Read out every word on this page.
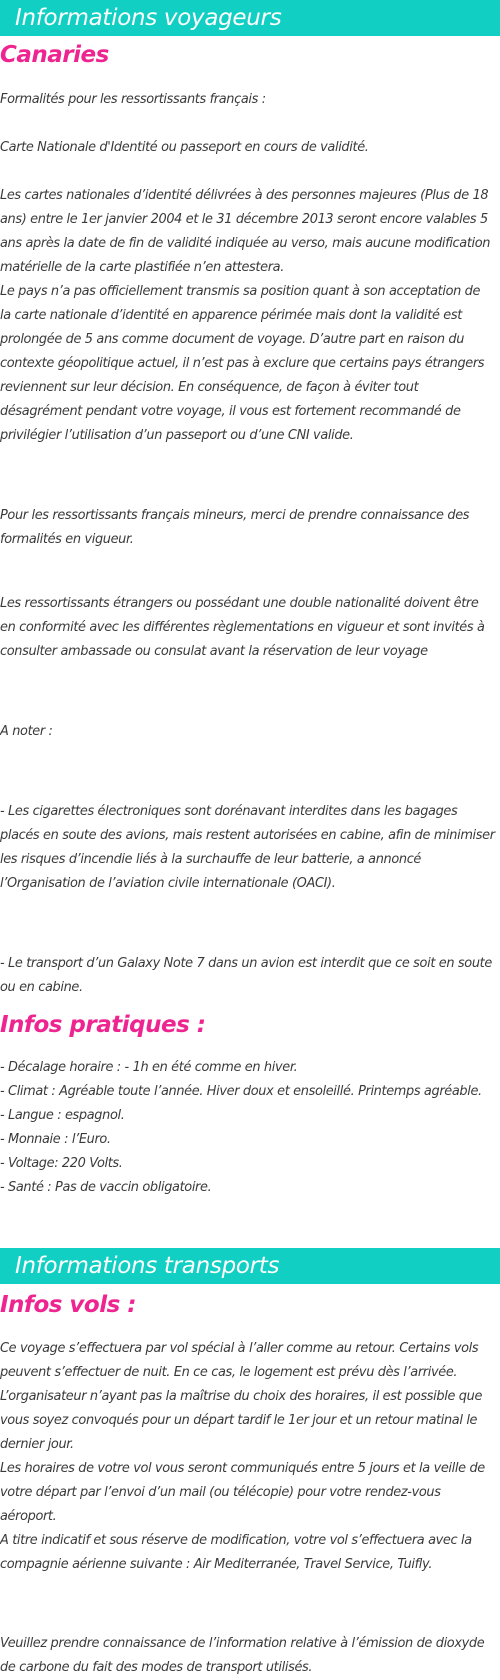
Informations voyageurs
Canaries
Formalités pour les ressortissants français :
Carte Nationale d'Identité ou passeport en cours de validité.
Les cartes nationales d’identité délivrées à des personnes majeures (Plus de 18
ans) entre le 1er janvier 2004 et le 31 décembre 2013 seront encore valables 5
ans après la date de fin de validité indiquée au verso, mais aucune modification
matérielle de la carte plastifiée n’en attestera.
Le pays n’a pas officiellement transmis sa position quant à son acceptation de
la carte nationale d’identité en apparence périmée mais dont la validité est
prolongée de 5 ans comme document de voyage. D’autre part en raison du
contexte géopolitique actuel, il n’est pas à exclure que certains pays étrangers
reviennent sur leur décision. En conséquence, de façon à éviter tout
désagrément pendant votre voyage, il vous est fortement recommandé de
privilégier l’utilisation d’un passeport ou d’une CNI valide.
Pour les ressortissants français mineurs, merci de prendre connaissance des
formalités en vigueur.
Les ressortissants étrangers ou possédant une double nationalité doivent être
en conformité avec les différentes règlementations en vigueur et sont invités à
consulter ambassade ou consulat avant la réservation de leur voyage
A noter :
- Les cigarettes électroniques sont dorénavant interdites dans les bagages
placés en soute des avions, mais restent autorisées en cabine, afin de minimiser
les risques d’incendie liés à la surchauffe de leur batterie, a annoncé
l’Organisation de l’aviation civile internationale (OACI).
- Le transport d’un Galaxy Note 7 dans un avion est interdit que ce soit en soute
ou en cabine.
Infos pratiques :
- Décalage horaire : - 1h en été comme en hiver.
- Climat : Agréable toute l’année. Hiver doux et ensoleillé. Printemps agréable.
- Langue : espagnol.
- Monnaie : l’Euro.
- Voltage: 220 Volts.
- Santé : Pas de vaccin obligatoire.
Informations transports
Infos vols :
Ce voyage s’effectuera par vol spécial à l’aller comme au retour. Certains vols
peuvent s’effectuer de nuit. En ce cas, le logement est prévu dès l’arrivée.
L’organisateur n’ayant pas la maîtrise du choix des horaires, il est possible que
vous soyez convoqués pour un départ tardif le 1er jour et un retour matinal le
dernier jour.
Les horaires de votre vol vous seront communiqués entre 5 jours et la veille de
votre départ par l’envoi d’un mail (ou télécopie) pour votre rendez-vous
aéroport.
A titre indicatif et sous réserve de modification, votre vol s’effectuera avec la
compagnie aérienne suivante : Air Mediterranée, Travel Service, Tuifly.
Veuillez prendre connaissance de l’information relative à l’émission de dioxyde
de carbone du fait des modes de transport utilisés.
